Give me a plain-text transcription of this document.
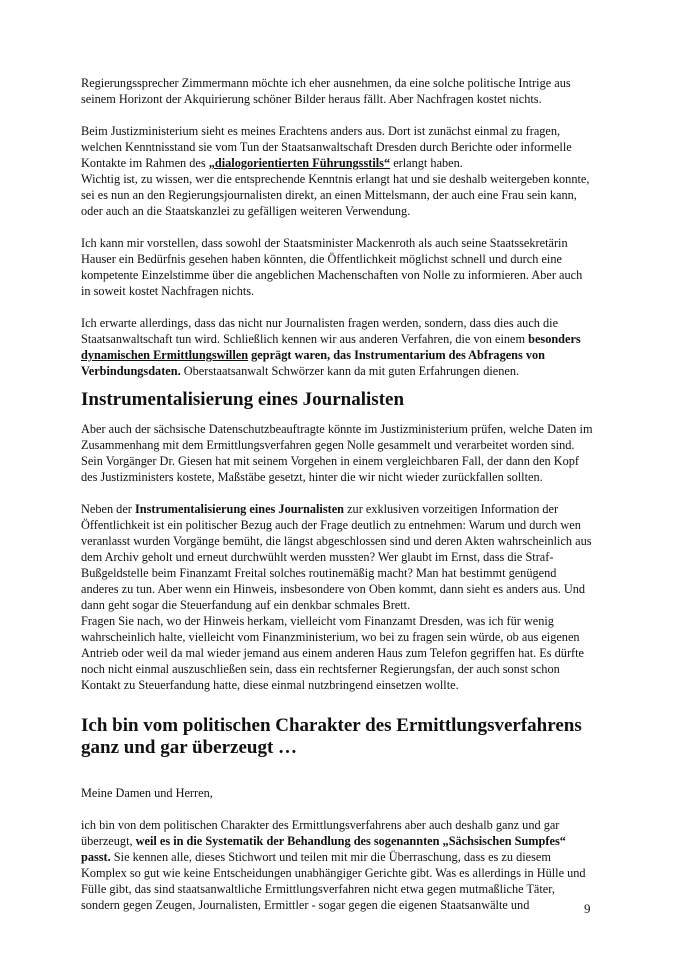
Regierungssprecher Zimmermann möchte ich eher ausnehmen, da eine solche politische Intrige aus seinem Horizont der Akquirierung schöner Bilder heraus fällt. Aber Nachfragen kostet nichts.

Beim Justizministerium sieht es meines Erachtens anders aus. Dort ist zunächst einmal zu fragen, welchen Kenntnisstand sie vom Tun der Staatsanwaltschaft Dresden durch Berichte oder informelle Kontakte im Rahmen des „dialogorientierten Führungsstils“ erlangt haben.

Wichtig ist, zu wissen, wer die entsprechende Kenntnis erlangt hat und sie deshalb weitergeben konnte, sei es nun an den Regierungsjournalisten direkt, an einen Mittelsmann, der auch eine Frau sein kann, oder auch an die Staatskanzlei zu gefälligen weiteren Verwendung.

Ich kann mir vorstellen, dass sowohl der Staatsminister Mackenroth als auch seine Staatssekretärin Hauser ein Bedürfnis gesehen haben könnten, die Öffentlichkeit möglichst schnell und durch eine kompetente Einzelstimme über die angeblichen Machenschaften von Nolle zu informieren. Aber auch in soweit kostet Nachfragen nichts.

Ich erwarte allerdings, dass das nicht nur Journalisten fragen werden, sondern, dass dies auch die Staatsanwaltschaft tun wird. Schließlich kennen wir aus anderen Verfahren, die von einem besonders dynamischen Ermittlungswillen geprägt waren, das Instrumentarium des Abfragens von Verbindungsdaten. Oberstaatsanwalt Schwörzer kann da mit guten Erfahrungen dienen.

Instrumentalisierung eines Journalisten

Aber auch der sächsische Datenschutzbeauftragte könnte im Justizministerium prüfen, welche Daten im Zusammenhang mit dem Ermittlungsverfahren gegen Nolle gesammelt und verarbeitet worden sind. Sein Vorgänger Dr. Giesen hat mit seinem Vorgehen in einem vergleichbaren Fall, der dann den Kopf des Justizministers kostete, Maßstäbe gesetzt, hinter die wir nicht wieder zurückfallen sollten.

Neben der Instrumentalisierung eines Journalisten zur exklusiven vorzeitigen Information der Öffentlichkeit ist ein politischer Bezug auch der Frage deutlich zu entnehmen: Warum und durch wen veranlasst wurden Vorgänge bemüht, die längst abgeschlossen sind und deren Akten wahrscheinlich aus dem Archiv geholt und erneut durchwühlt werden mussten? Wer glaubt im Ernst, dass die Straf-Bußgeldstelle beim Finanzamt Freital solches routinemäßig macht? Man hat bestimmt genügend anderes zu tun. Aber wenn ein Hinweis, insbesondere von Oben kommt, dann sieht es anders aus. Und dann geht sogar die Steuerfandung auf ein denkbar schmales Brett.

Fragen Sie nach, wo der Hinweis herkam, vielleicht vom Finanzamt Dresden, was ich für wenig wahrscheinlich halte, vielleicht vom Finanzministerium, wo bei zu fragen sein würde, ob aus eigenen Antrieb oder weil da mal wieder jemand aus einem anderen Haus zum Telefon gegriffen hat. Es dürfte noch nicht einmal auszuschließen sein, dass ein rechtsferner Regierungsfan, der auch sonst schon Kontakt zu Steuerfandung hatte, diese einmal nutzbringend einsetzen wollte.

Ich bin vom politischen Charakter des Ermittlungsverfahrens ganz und gar überzeugt …

Meine Damen und Herren,

ich bin von dem politischen Charakter des Ermittlungsverfahrens aber auch deshalb ganz und gar überzeugt, weil es in die Systematik der Behandlung des sogenannten „Sächsischen Sumpfes“ passt. Sie kennen alle, dieses Stichwort und teilen mit mir die Überraschung, dass es zu diesem Komplex so gut wie keine Entscheidungen unabhängiger Gerichte gibt. Was es allerdings in Hülle und Fülle gibt, das sind staatsanwaltliche Ermittlungsverfahren nicht etwa gegen mutmaßliche Täter, sondern gegen Zeugen, Journalisten, Ermittler - sogar gegen die eigenen Staatsanwälte und	9
